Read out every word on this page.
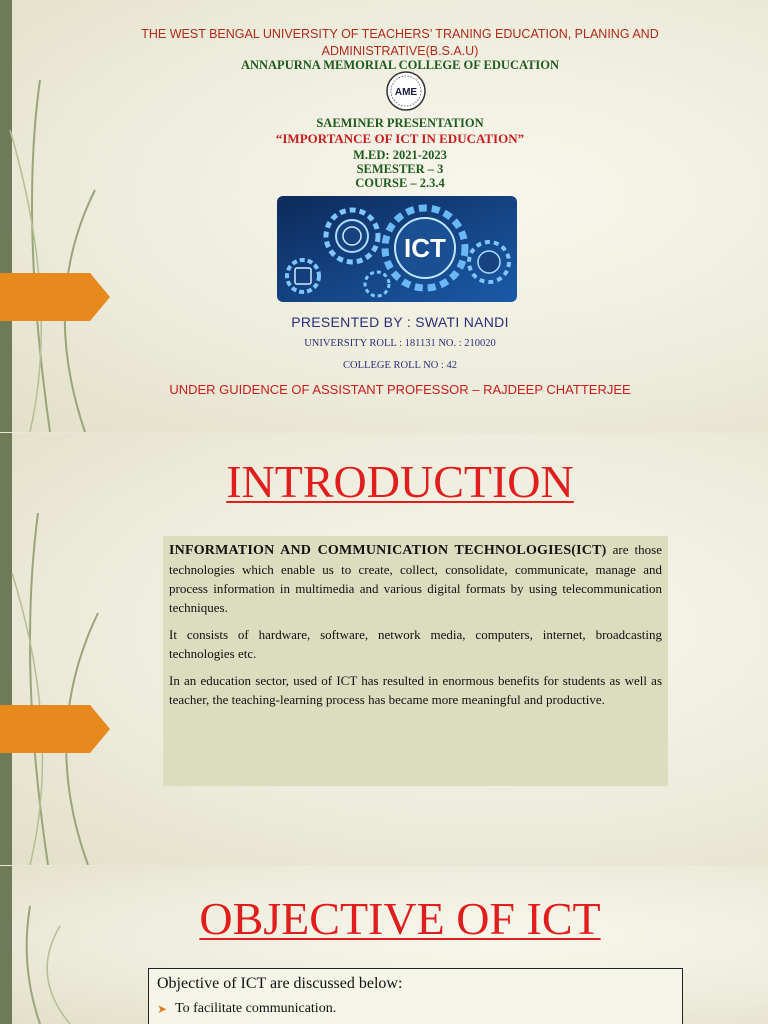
THE WEST BENGAL UNIVERSITY OF TEACHERS’ TRANING EDUCATION, PLANING AND ADMINISTRATIVE(B.S.A.U)
ANNAPURNA MEMORIAL COLLEGE OF EDUCATION
AME
SAEMINER PRESENTATION
“IMPORTANCE OF ICT IN EDUCATION”
M.ED: 2021-2023
SEMESTER – 3
COURSE – 2.3.4
ICT
PRESENTED BY : SWATI NANDI
UNIVERSITY ROLL : 181131 NO. : 210020
COLLEGE ROLL NO : 42
UNDER GUIDENCE OF ASSISTANT PROFESSOR – RAJDEEP CHATTERJEE
INTRODUCTION

INFORMATION AND COMMUNICATION TECHNOLOGIES(ICT) are those technologies which enable us to create, collect, consolidate, communicate, manage and process information in multimedia and various digital formats by using telecommunication techniques.

It consists of hardware, software, network media, computers, internet, broadcasting technologies etc.

In an education sector, used of ICT has resulted in enormous benefits for students as well as teacher, the teaching-learning process has became more meaningful and productive.

OBJECTIVE OF ICT
Objective of ICT are discussed below:
➤ To facilitate communication.
